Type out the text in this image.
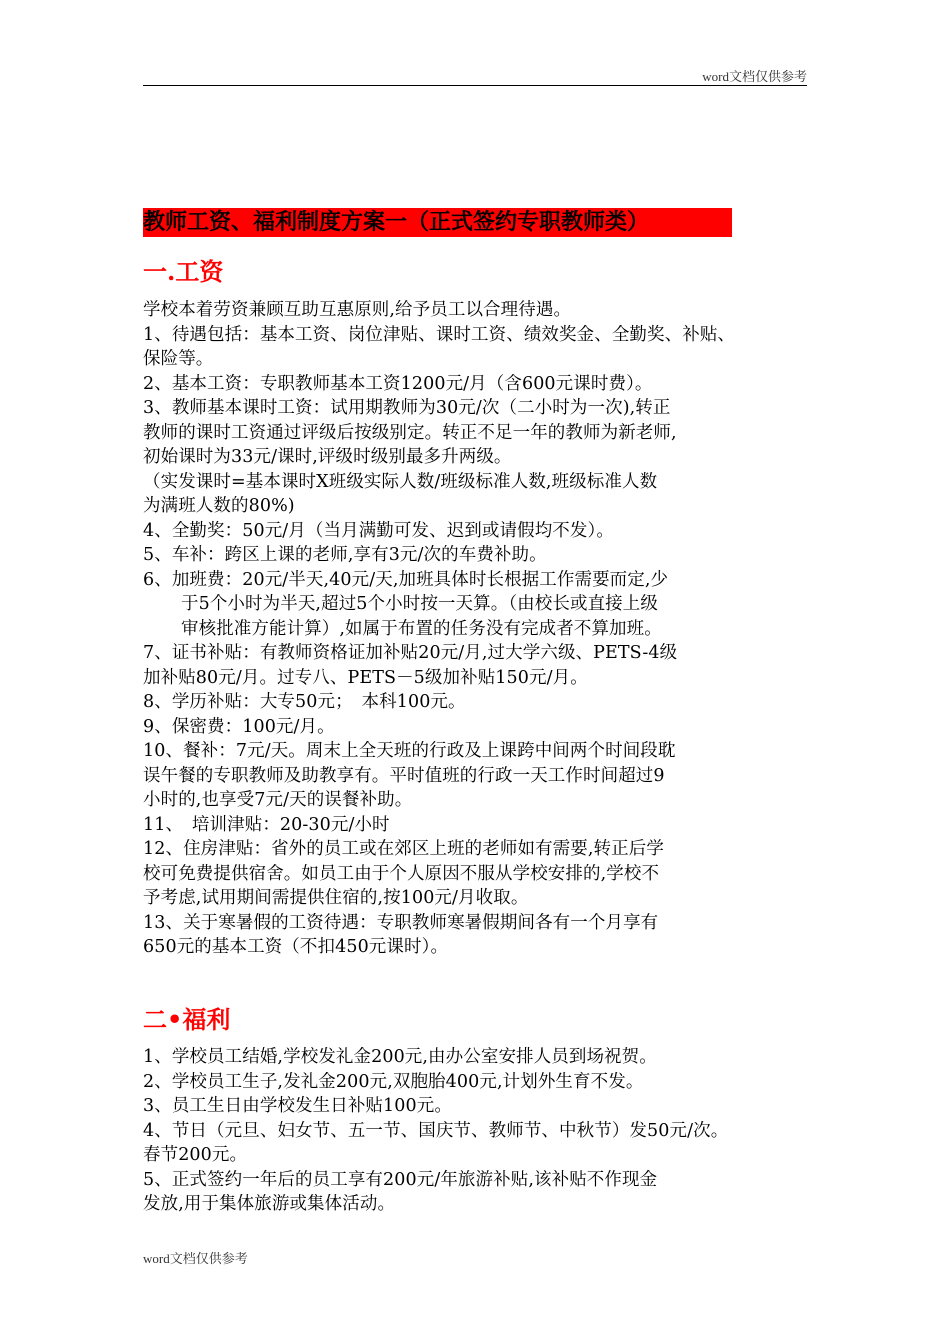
word文档仅供参考
教师工资、福利制度方案一（正式签约专职教师类）
一.工资

学校本着劳资兼顾互助互惠原则,给予员工以合理待遇。

1、待遇包括：基本工资、岗位津贴、课时工资、绩效奖金、全勤奖、补贴、

保险等。

2、基本工资：专职教师基本工资1200元/月（含600元课时费）。

3、教师基本课时工资：试用期教师为30元/次（二小时为一次),转正

教师的课时工资通过评级后按级别定。转正不足一年的教师为新老师,

初始课时为33元/课时,评级时级别最多升两级。

（实发课时=基本课时X班级实际人数/班级标准人数,班级标准人数

为满班人数的80%)

4、全勤奖：50元/月（当月满勤可发、迟到或请假均不发）。

5、车补：跨区上课的老师,享有3元/次的车费补助。

6、加班费：20元/半天,40元/天,加班具体时长根据工作需要而定,少

于5个小时为半天,超过5个小时按一天算。（由校长或直接上级

审核批准方能计算）,如属于布置的任务没有完成者不算加班。

7、证书补贴：有教师资格证加补贴20元/月,过大学六级、PETS-4级

加补贴80元/月。过专八、PETS－5级加补贴150元/月。

8、学历补贴：大专50元；　本科100元。

9、保密费：100元/月。

10、餐补：7元/天。周末上全天班的行政及上课跨中间两个时间段耽

误午餐的专职教师及助教享有。平时值班的行政一天工作时间超过9

小时的,也享受7元/天的误餐补助。

11、　培训津贴：20-30元/小时

12、住房津贴：省外的员工或在郊区上班的老师如有需要,转正后学

校可免费提供宿舍。如员工由于个人原因不服从学校安排的,学校不

予考虑,试用期间需提供住宿的,按100元/月收取。

13、关于寒暑假的工资待遇：专职教师寒暑假期间各有一个月享有

650元的基本工资（不扣450元课时）。

二•福利

1、学校员工结婚,学校发礼金200元,由办公室安排人员到场祝贺。

2、学校员工生子,发礼金200元,双胞胎400元,计划外生育不发。

3、员工生日由学校发生日补贴100元。

4、节日（元旦、妇女节、五一节、国庆节、教师节、中秋节）发50元/次。

春节200元。

5、正式签约一年后的员工享有200元/年旅游补贴,该补贴不作现金

发放,用于集体旅游或集体活动。

word文档仅供参考
